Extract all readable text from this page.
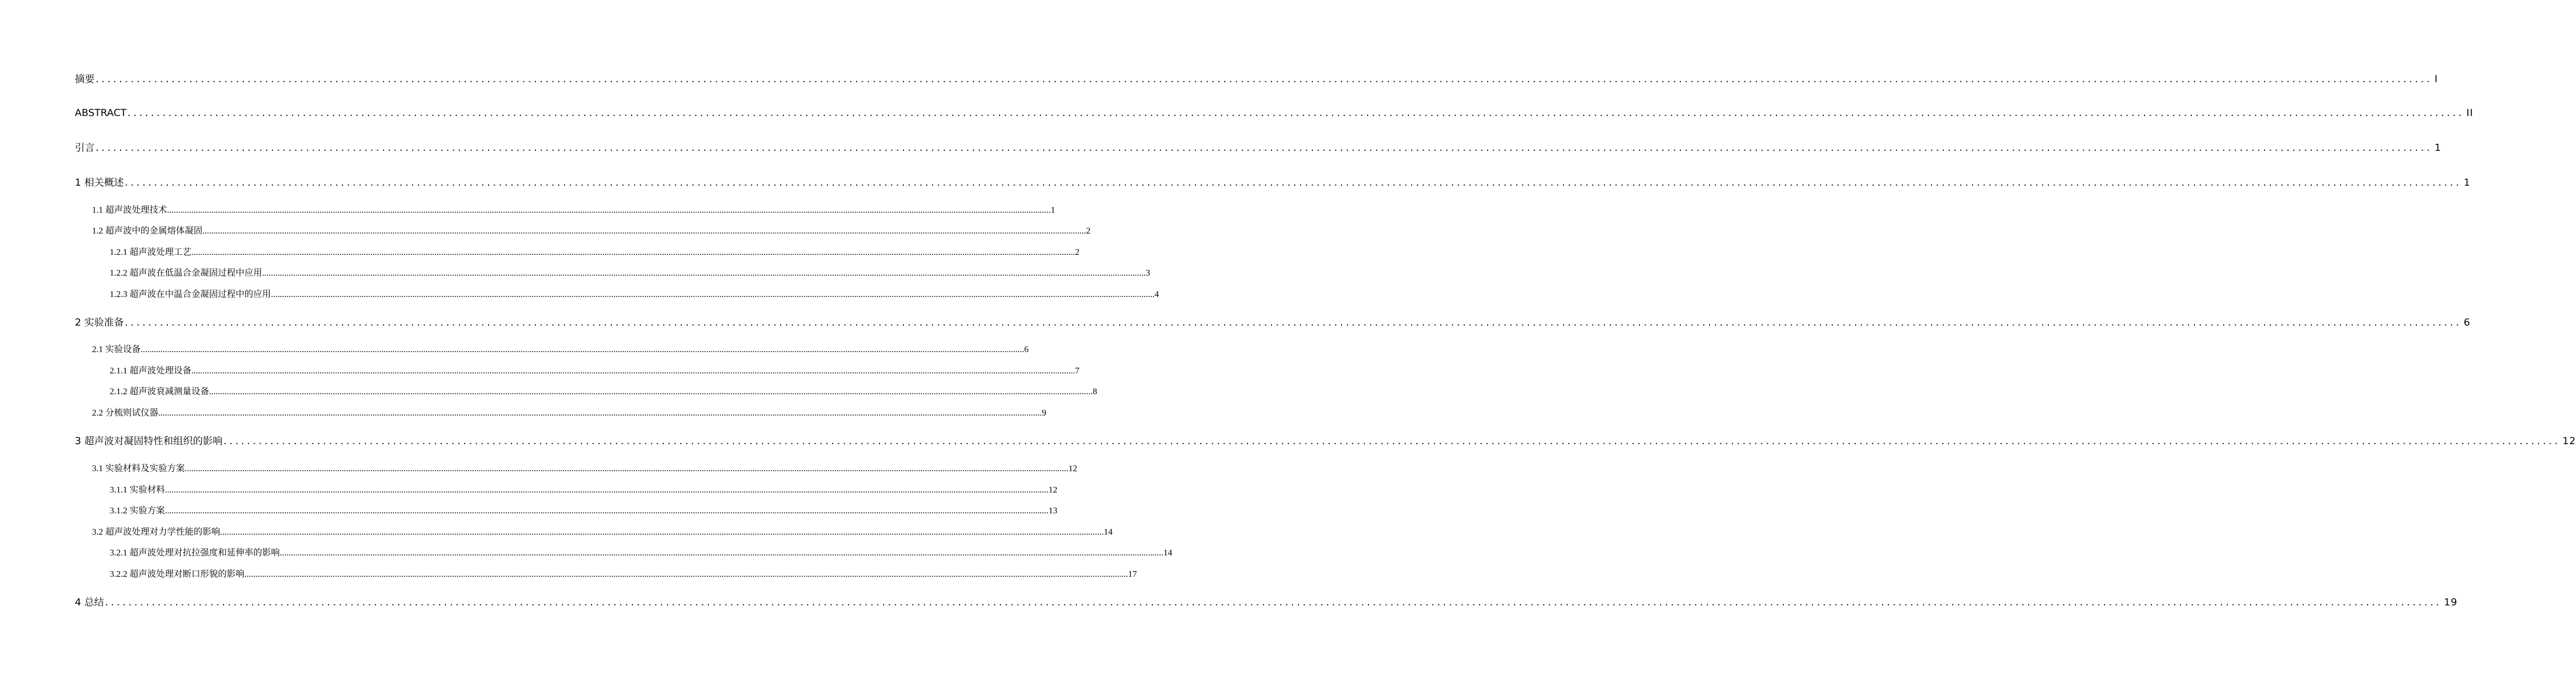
摘要 ................................................................................................................................................................................................................................................................................................................................................................................................................ I
ABSTRACT ................................................................................................................................................................................................................................................................................................................................................................................................................ II
引言 ................................................................................................................................................................................................................................................................................................................................................................................................................ 1
1 相关概述 ................................................................................................................................................................................................................................................................................................................................................................................................................ 1
1.1 超声波处理技术 ................................................................................................................................................................................................................................................................................................................................................................................................................ 1
1.2 超声波中的金属熔体凝固 ................................................................................................................................................................................................................................................................................................................................................................................................................ 2
1.2.1 超声波处理工艺 ................................................................................................................................................................................................................................................................................................................................................................................................................ 2
1.2.2 超声波在低温合金凝固过程中应用 ................................................................................................................................................................................................................................................................................................................................................................................................................ 3
1.2.3 超声波在中温合金凝固过程中的应用 ................................................................................................................................................................................................................................................................................................................................................................................................................ 4
2 实验准备 ................................................................................................................................................................................................................................................................................................................................................................................................................ 6
2.1 实验设备 ................................................................................................................................................................................................................................................................................................................................................................................................................ 6
2.1.1 超声波处理设备 ................................................................................................................................................................................................................................................................................................................................................................................................................ 7
2.1.2 超声波衰减测量设备 ................................................................................................................................................................................................................................................................................................................................................................................................................ 8
2.2 分梳则试仪器 ................................................................................................................................................................................................................................................................................................................................................................................................................ 9
3 超声波对凝固特性和组织的影响 ................................................................................................................................................................................................................................................................................................................................................................................................................ 12
3.1 实验材料及实验方案 ................................................................................................................................................................................................................................................................................................................................................................................................................ 12
3.1.1 实验材料 ................................................................................................................................................................................................................................................................................................................................................................................................................ 12
3.1.2 实验方案 ................................................................................................................................................................................................................................................................................................................................................................................................................ 13
3.2 超声波处理对力学性能的影响 ................................................................................................................................................................................................................................................................................................................................................................................................................ 14
3.2.1 超声波处理对抗拉强度和延伸率的影响 ................................................................................................................................................................................................................................................................................................................................................................................................................ 14
3.2.2 超声波处理对断口形貌的影响 ................................................................................................................................................................................................................................................................................................................................................................................................................ 17
4 总结 ................................................................................................................................................................................................................................................................................................................................................................................................................ 19
